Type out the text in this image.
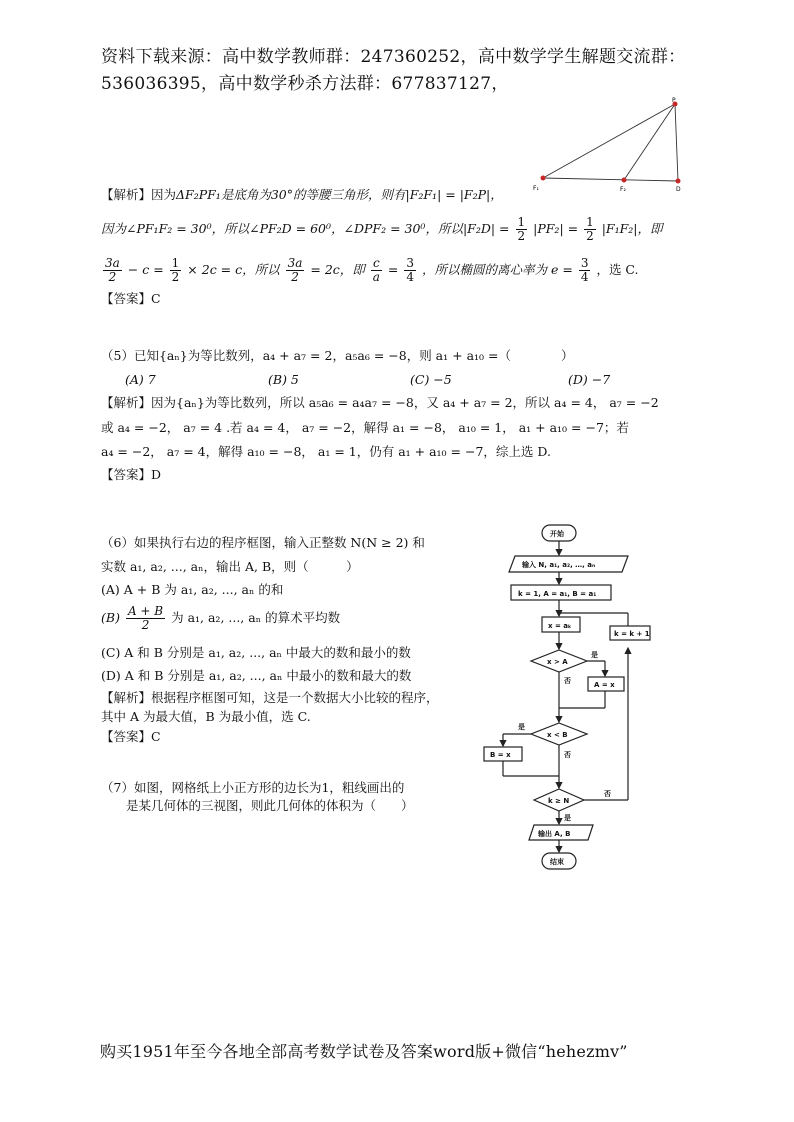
资料下载来源：高中数学教师群：247360252，高中数学学生解题交流群：
536036395，高中数学秒杀方法群：677837127，
P
F₁	F₂	D
【解析】因为ΔF₂PF₁是底角为30°的等腰三角形，则有|F₂F₁| = |F₂P|，
因为∠PF₁F₂ = 30⁰，所以∠PF₂D = 60⁰，∠DPF₂ = 30⁰，所以$|F_2D| = \frac{1}{2} |PF_2| = \frac{1}{2} |F_1F_2|$，即
$\frac{3a}{2} - c = \frac{1}{2} \times 2c = c$，所以 $\frac{3a}{2} = 2c$，即 $\frac{c}{a} = \frac{3}{4}$ ，所以椭圆的离心率为 $e = \frac{3}{4}$ ，选 C.
【答案】C
（5）已知{aₙ}为等比数列，a₄ + a₇ = 2，a₅a₆ = −8，则 a₁ + a₁₀ =（　　　　）
(A) 7	(B) 5	(C) −5	(D) −7
【解析】因为{aₙ}为等比数列，所以 a₅a₆ = a₄a₇ = −8，又 a₄ + a₇ = 2，所以 a₄ = 4， a₇ = −2
或 a₄ = −2， a₇ = 4 .若 a₄ = 4， a₇ = −2，解得 a₁ = −8， a₁₀ = 1， a₁ + a₁₀ = −7；若
a₄ = −2， a₇ = 4，解得 a₁₀ = −8， a₁ = 1，仍有 a₁ + a₁₀ = −7，综上选 D.
【答案】D
（6）如果执行右边的程序框图，输入正整数 N(N ≥ 2) 和
实数 a₁, a₂, ..., aₙ，输出 A, B，则（　　　）
(A) A + B 为 a₁, a₂, ..., aₙ 的和
$(B) \frac{A + B}{2}$ 为 a₁, a₂, ..., aₙ 的算术平均数
(C) A 和 B 分别是 a₁, a₂, ..., aₙ 中最大的数和最小的数
(D) A 和 B 分别是 a₁, a₂, ..., aₙ 中最小的数和最大的数
【解析】根据程序框图可知，这是一个数据大小比较的程序，
其中 A 为最大值，B 为最小值，选 C.
【答案】C
（7）如图，网格纸上小正方形的边长为1，粗线画出的
是某几何体的三视图，则此几何体的体积为（　　）
开始
输入 N, a₁, a₂, …, aₙ
k = 1, A = a₁, B = a₁
x = aₖ
x > A
A = x
x < B
B = x
k = k + 1
k ≥ N
输出 A, B
结束
是
否
是
否
否
是
购买1951年至今各地全部高考数学试卷及答案word版+微信“hehezmv”
